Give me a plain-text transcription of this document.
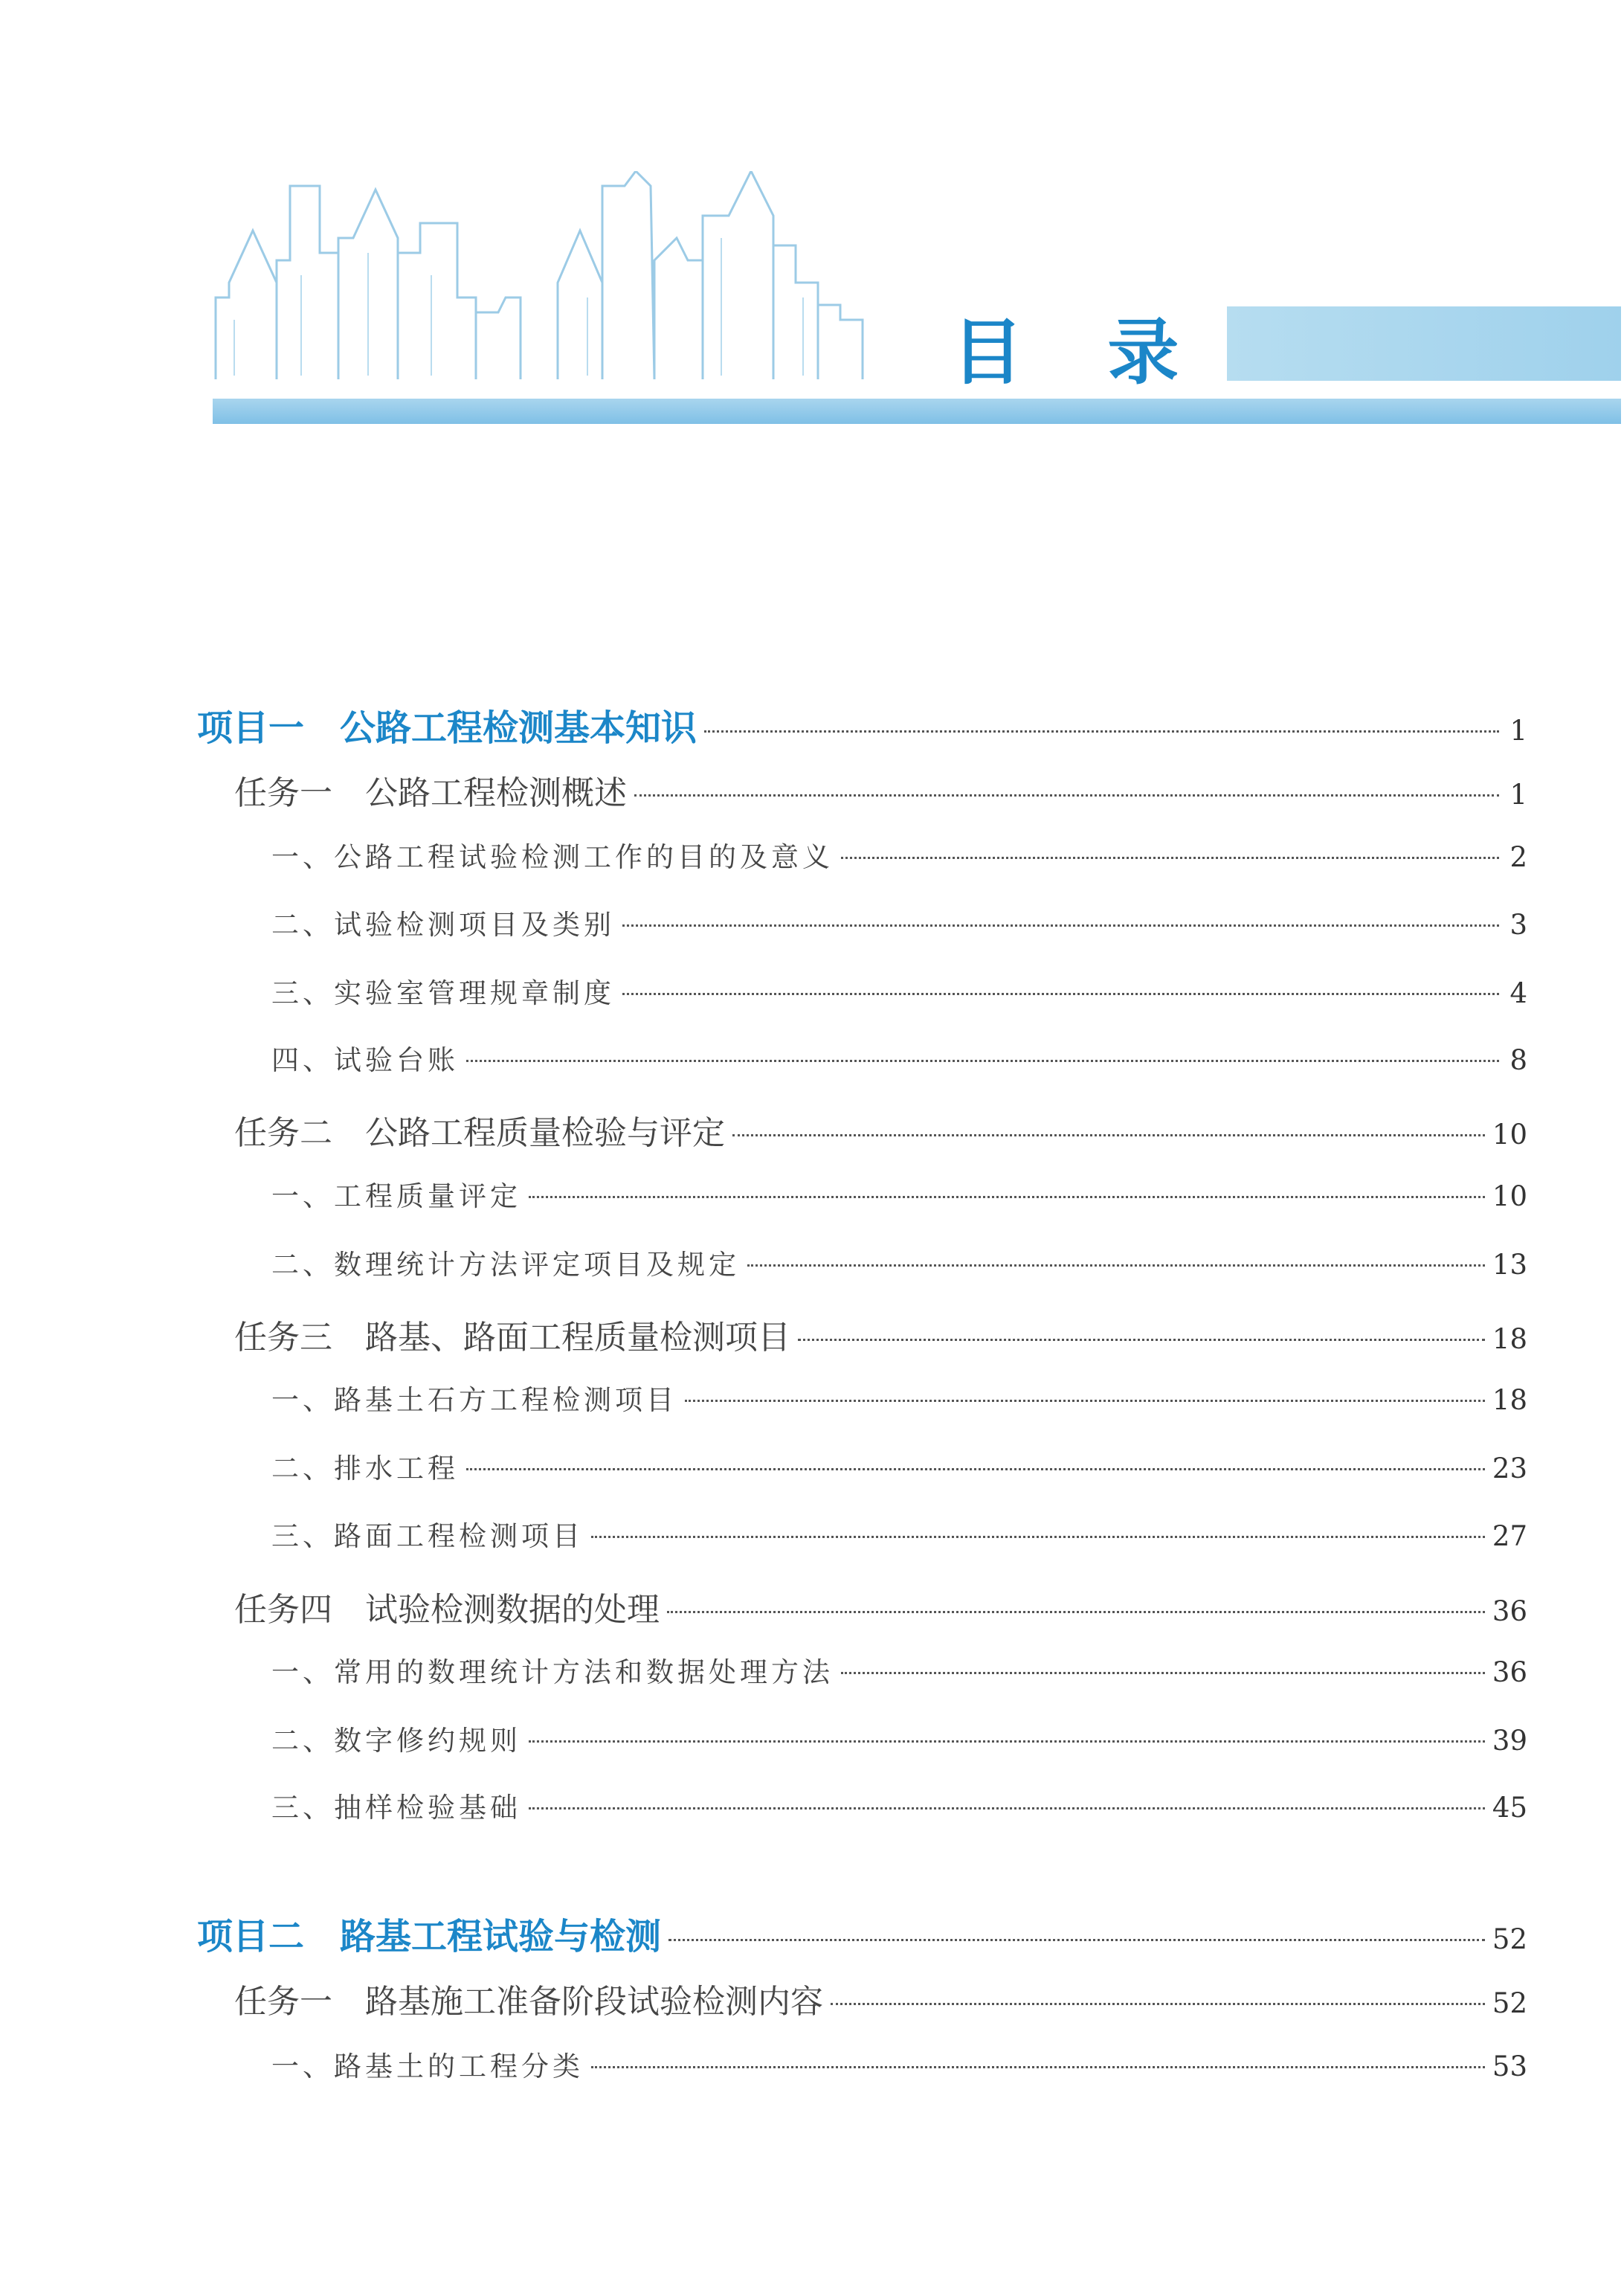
目 录
项目一　公路工程检测基本知识	1
任务一　公路工程检测概述	1
一、公路工程试验检测工作的目的及意义	2
二、试验检测项目及类别	3
三、实验室管理规章制度	4
四、试验台账	8
任务二　公路工程质量检验与评定	10
一、工程质量评定	10
二、数理统计方法评定项目及规定	13
任务三　路基、路面工程质量检测项目	18
一、路基土石方工程检测项目	18
二、排水工程	23
三、路面工程检测项目	27
任务四　试验检测数据的处理	36
一、常用的数理统计方法和数据处理方法	36
二、数字修约规则	39
三、抽样检验基础	45
项目二　路基工程试验与检测	52
任务一　路基施工准备阶段试验检测内容	52
一、路基土的工程分类	53
